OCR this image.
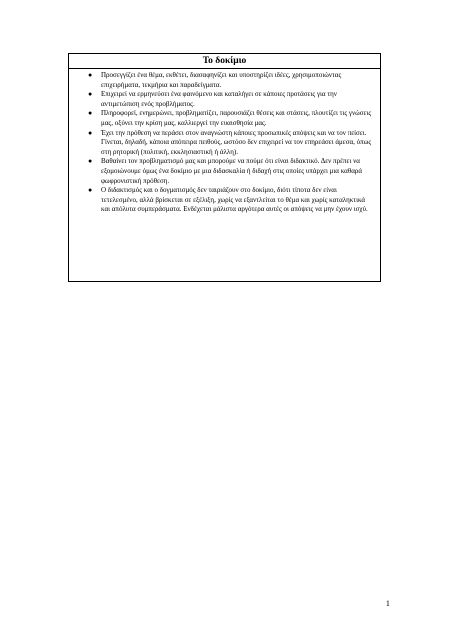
Το δοκίμιο
● Προσεγγίζει ένα θέμα, εκθέτει, διασαφηνίζει και υποστηρίζει ιδέες, χρησιμοποιώντας επιχειρήματα, τεκμήρια και παραδείγματα.
● Επιχειρεί να ερμηνεύσει ένα φαινόμενο και καταλήγει σε κάποιες προτάσεις για την αντιμετώπιση ενός προβλήματος.
● Πληροφορεί, ενημερώνει, προβληματίζει, παρουσιάζει θέσεις και στάσεις, πλουτίζει τις γνώσεις μας, οξύνει την κρίση μας, καλλιεργεί την ευαισθησία μας.
● Έχει την πρόθεση να περάσει στον αναγνώστη κάποιες προσωπικές απόψεις και να τον πείσει. Γίνεται, δηλαδή, κάποια απόπειρα πειθούς, ωστόσο δεν επιχειρεί να τον επηρεάσει άμεσα, όπως στη ρητορική (πολιτική, εκκλησιαστική ή άλλη).
● Βαθαίνει τον προβληματισμό μας και μπορούμε να πούμε ότι είναι διδακτικό. Δεν πρέπει να εξομοιώνουμε όμως ένα δοκίμιο με μια διδασκαλία ή διδαχή στις οποίες υπάρχει μια καθαρά φωφρονιστική πρόθεση.
● Ο διδακτισμός και ο δογματισμός δεν ταιριάζουν στο δοκίμιο, διότι τίποτα δεν είναι τετελεσμένο, αλλά βρίσκεται σε εξέλιξη, χωρίς να εξαντλείται το θέμα και χωρίς καταληκτικά και απόλυτα συμπεράσματα. Ενδέχεται μάλιστα αργότερα αυτές οι απόψεις να μην έχουν ισχύ.
1
